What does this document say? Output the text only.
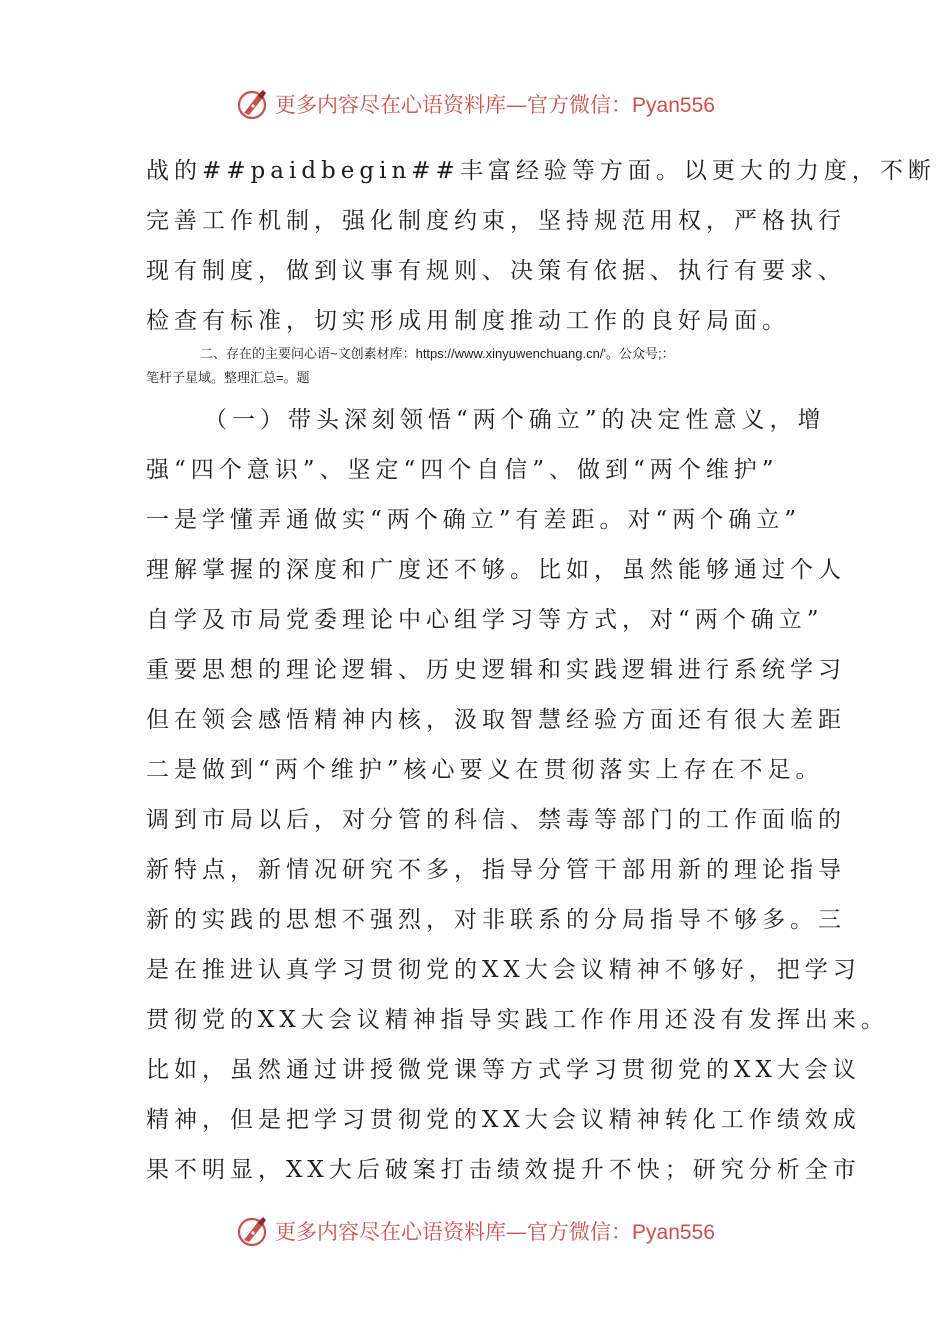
更多内容尽在心语资料库—官方微信：Pyan556
战的##paidbegin##丰富经验等方面。以更大的力度，不断
完善工作机制，强化制度约束，坚持规范用权，严格执行
现有制度，做到议事有规则、决策有依据、执行有要求、
检查有标准，切实形成用制度推动工作的良好局面。
二、存在的主要问心语~文创素材库：https://www.xinyuwenchuang.cn/'。公众号;：
笔杆子星域。整理汇总=。题
（一）带头深刻领悟“两个确立”的决定性意义，增
强“四个意识”、坚定“四个自信”、做到“两个维护”
一是学懂弄通做实“两个确立”有差距。对“两个确立”
理解掌握的深度和广度还不够。比如，虽然能够通过个人
自学及市局党委理论中心组学习等方式，对“两个确立”
重要思想的理论逻辑、历史逻辑和实践逻辑进行系统学习
但在领会感悟精神内核，汲取智慧经验方面还有很大差距
二是做到“两个维护”核心要义在贯彻落实上存在不足。
调到市局以后，对分管的科信、禁毒等部门的工作面临的
新特点，新情况研究不多，指导分管干部用新的理论指导
新的实践的思想不强烈，对非联系的分局指导不够多。三
是在推进认真学习贯彻党的XX大会议精神不够好，把学习
贯彻党的XX大会议精神指导实践工作作用还没有发挥出来。
比如，虽然通过讲授微党课等方式学习贯彻党的XX大会议
精神，但是把学习贯彻党的XX大会议精神转化工作绩效成
果不明显，XX大后破案打击绩效提升不快；研究分析全市
更多内容尽在心语资料库—官方微信：Pyan556
